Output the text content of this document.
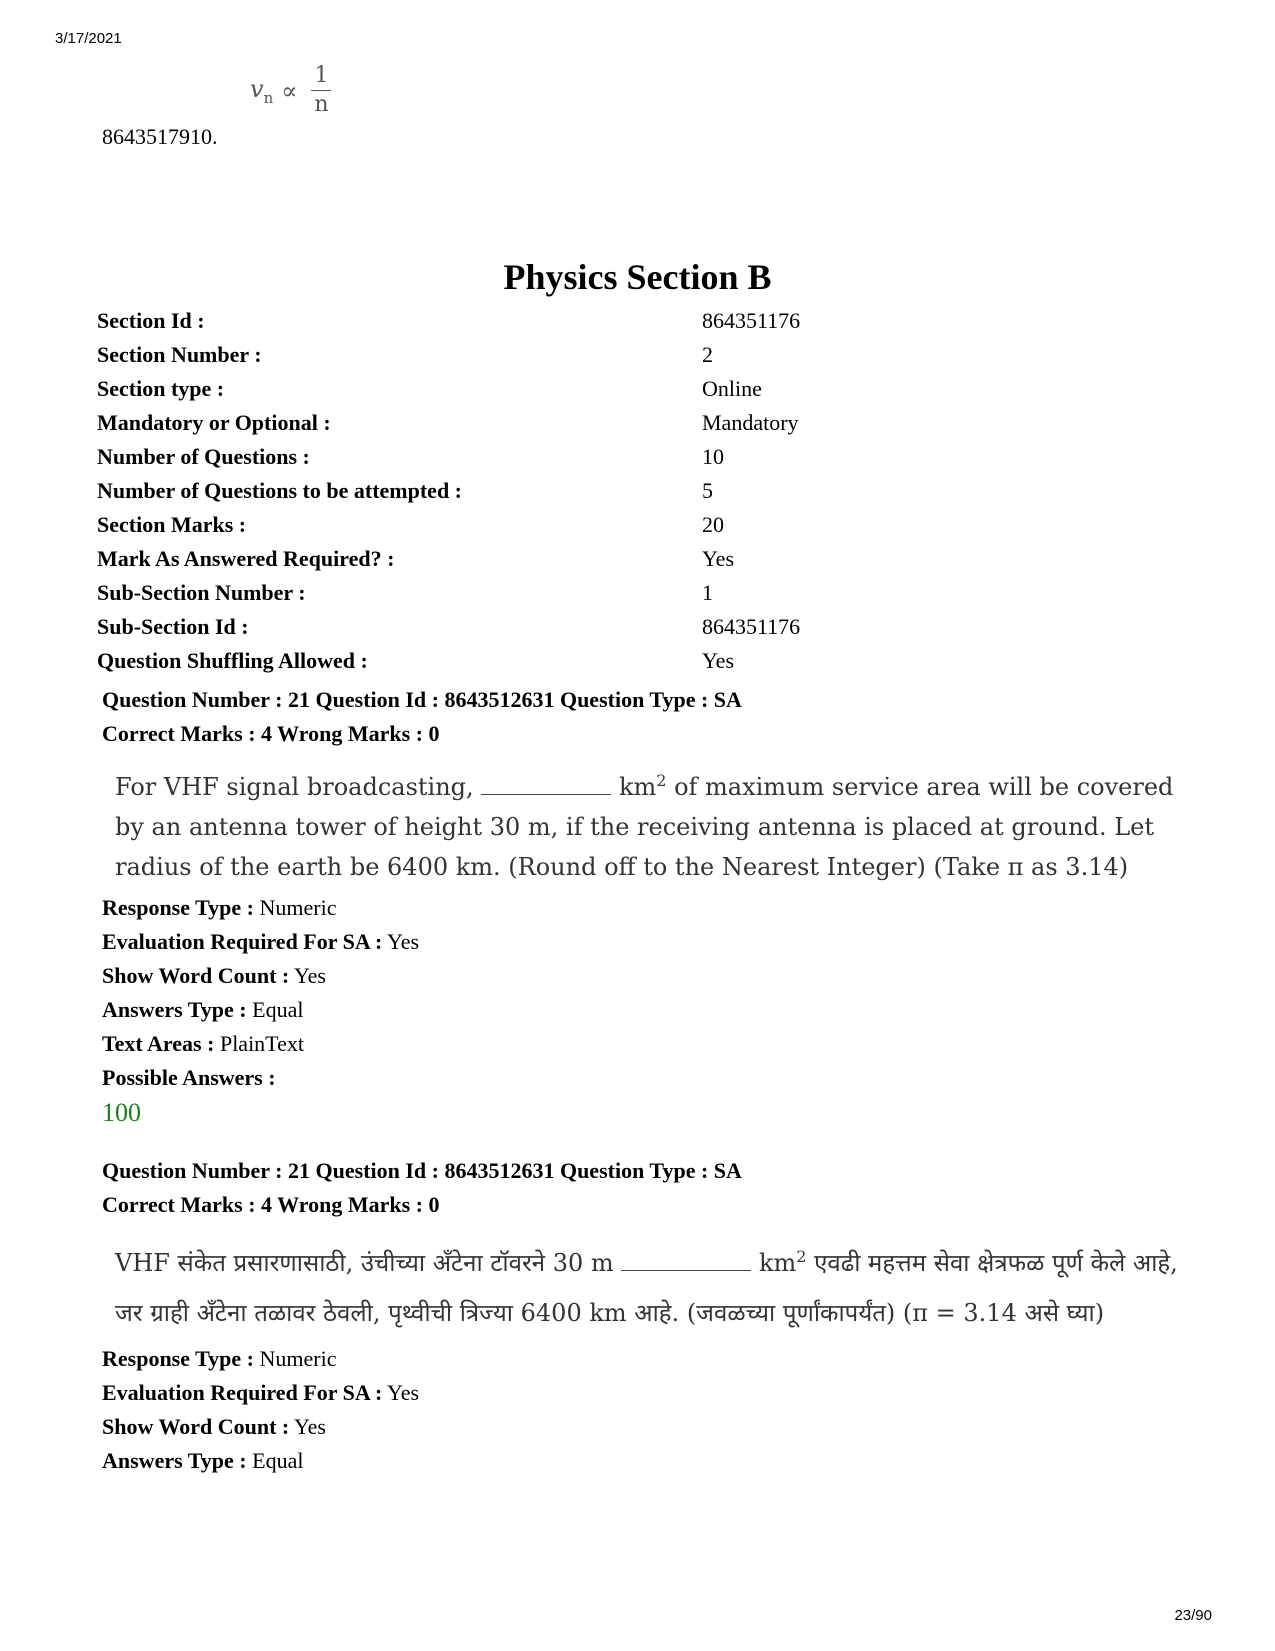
3/17/2021
$v_n \propto \frac{1}{n}$
8643517910.
Physics Section B
Section Id :	864351176
Section Number :	2
Section type :	Online
Mandatory or Optional :	Mandatory
Number of Questions :	10
Number of Questions to be attempted :	5
Section Marks :	20
Mark As Answered Required? :	Yes
Sub-Section Number :	1
Sub-Section Id :	864351176
Question Shuffling Allowed :	Yes
Question Number : 21 Question Id : 8643512631 Question Type : SA
Correct Marks : 4 Wrong Marks : 0
For VHF signal broadcasting,	$km^2$ of maximum service area will be covered by an antenna tower of height 30 m, if the receiving antenna is placed at ground. Let radius of the earth be 6400 km. (Round off to the Nearest Integer) (Take π as 3.14)
Response Type : Numeric
Evaluation Required For SA : Yes
Show Word Count : Yes
Answers Type : Equal
Text Areas : PlainText
Possible Answers :
100
Question Number : 21 Question Id : 8643512631 Question Type : SA
Correct Marks : 4 Wrong Marks : 0
VHF संकेत प्रसारणासाठी, उंचीच्या अँटेना टॉवरने 30 m	$km^2$ एवढी महत्तम सेवा क्षेत्रफळ पूर्ण केले आहे, जर ग्राही अँटेना तळावर ठेवली, पृथ्वीची त्रिज्या 6400 km आहे. (जवळच्या पूर्णांकापर्यंत) (π = 3.14 असे घ्या)
Response Type : Numeric
Evaluation Required For SA : Yes
Show Word Count : Yes
Answers Type : Equal
23/90
